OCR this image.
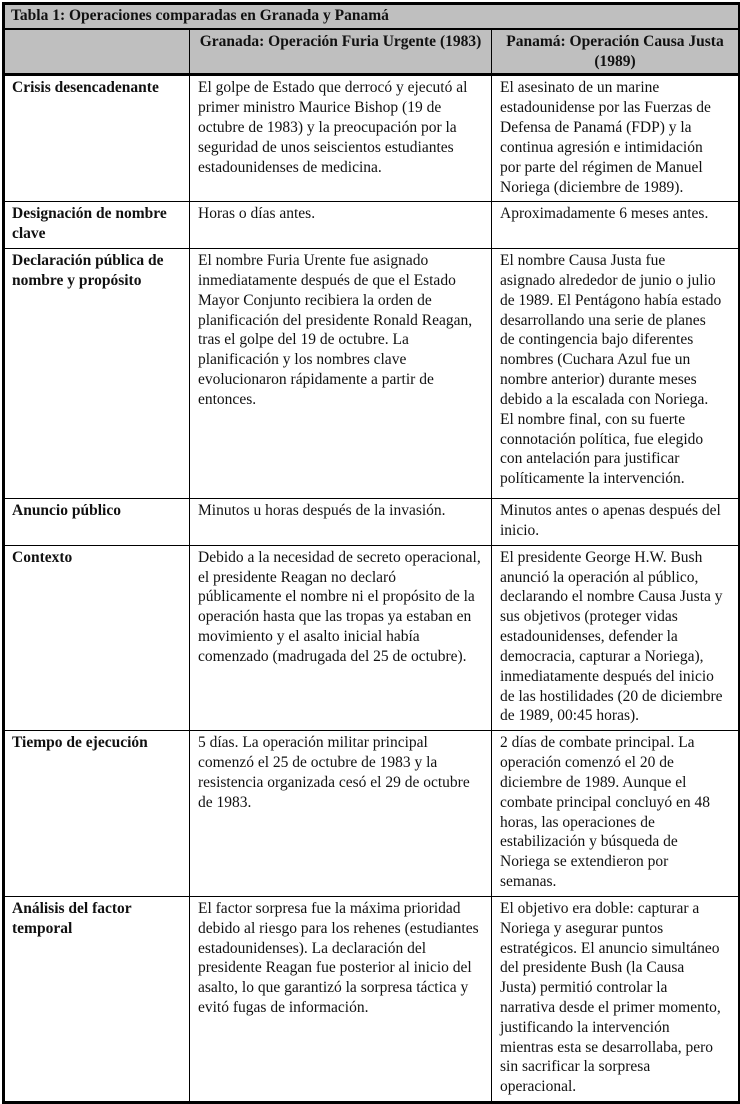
Tabla 1: Operaciones comparadas en Granada y Panamá		
	Granada: Operación Furia Urgente (1983)	Panamá: Operación Causa Justa (1989)
Crisis desencadenante	El golpe de Estado que derrocó y ejecutó al primer ministro Maurice Bishop (19 de octubre de 1983) y la preocupación por la seguridad de unos seiscientos estudiantes estadounidenses de medicina.	El asesinato de un marine estadounidense por las Fuerzas de Defensa de Panamá (FDP) y la continua agresión e intimidación por parte del régimen de Manuel Noriega (diciembre de 1989).
Designación de nombre clave	Horas o días antes.	Aproximadamente 6 meses antes.
Declaración pública de nombre y propósito	El nombre Furia Urente fue asignado inmediatamente después de que el Estado Mayor Conjunto recibiera la orden de planificación del presidente Ronald Reagan, tras el golpe del 19 de octubre. La planificación y los nombres clave evolucionaron rápidamente a partir de entonces.	El nombre Causa Justa fue asignado alrededor de junio o julio de 1989. El Pentágono había estado desarrollando una serie de planes de contingencia bajo diferentes nombres (Cuchara Azul fue un nombre anterior) durante meses debido a la escalada con Noriega. El nombre final, con su fuerte connotación política, fue elegido con antelación para justificar políticamente la intervención.
Anuncio público	Minutos u horas después de la invasión.	Minutos antes o apenas después del inicio.
Contexto	Debido a la necesidad de secreto operacional, el presidente Reagan no declaró públicamente el nombre ni el propósito de la operación hasta que las tropas ya estaban en movimiento y el asalto inicial había comenzado (madrugada del 25 de octubre).	El presidente George H.W. Bush anunció la operación al público, declarando el nombre Causa Justa y sus objetivos (proteger vidas estadounidenses, defender la democracia, capturar a Noriega), inmediatamente después del inicio de las hostilidades (20 de diciembre de 1989, 00:45 horas).
Tiempo de ejecución	5 días. La operación militar principal comenzó el 25 de octubre de 1983 y la resistencia organizada cesó el 29 de octubre de 1983.	2 días de combate principal. La operación comenzó el 20 de diciembre de 1989. Aunque el combate principal concluyó en 48 horas, las operaciones de estabilización y búsqueda de Noriega se extendieron por semanas.
Análisis del factor temporal	El factor sorpresa fue la máxima prioridad debido al riesgo para los rehenes (estudiantes estadounidenses). La declaración del presidente Reagan fue posterior al inicio del asalto, lo que garantizó la sorpresa táctica y evitó fugas de información.	El objetivo era doble: capturar a Noriega y asegurar puntos estratégicos. El anuncio simultáneo del presidente Bush (la Causa Justa) permitió controlar la narrativa desde el primer momento, justificando la intervención mientras esta se desarrollaba, pero sin sacrificar la sorpresa operacional.
